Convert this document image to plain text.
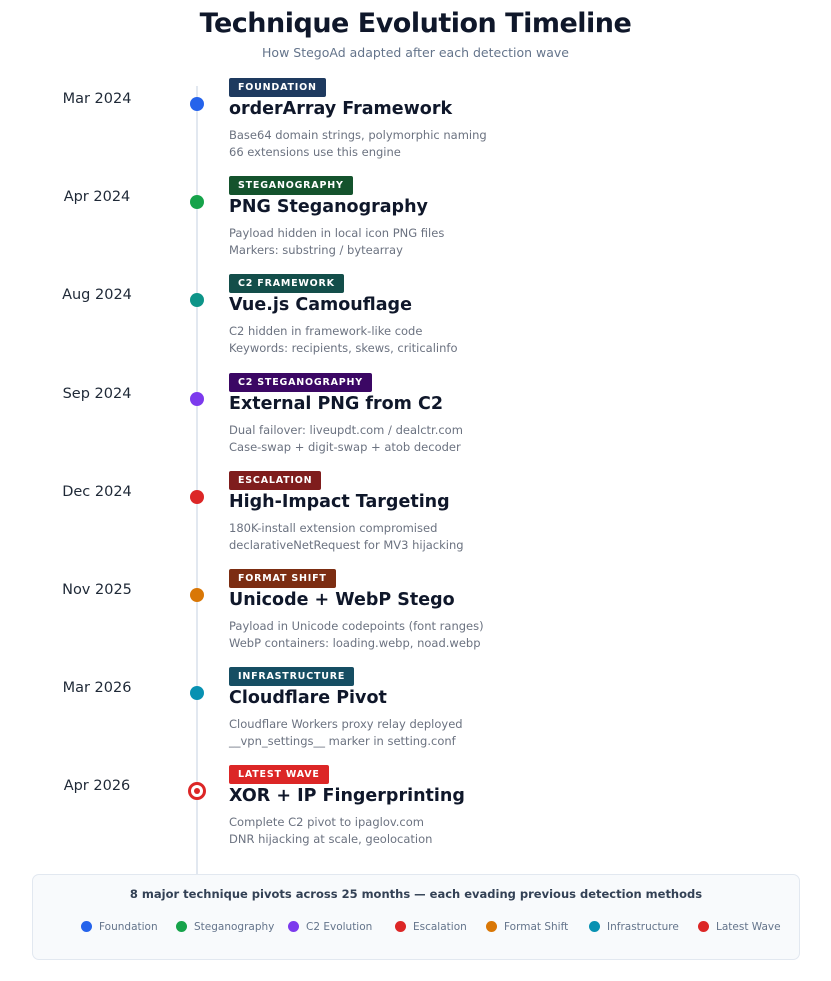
Technique Evolution Timeline
How StegoAd adapted after each detection wave
Mar 2024
FOUNDATION
orderArray Framework
Base64 domain strings, polymorphic naming
66 extensions use this engine
Apr 2024
STEGANOGRAPHY
PNG Steganography
Payload hidden in local icon PNG files
Markers: substring / bytearray
Aug 2024
C2 FRAMEWORK
Vue.js Camouflage
C2 hidden in framework-like code
Keywords: recipients, skews, criticalinfo
Sep 2024
C2 STEGANOGRAPHY
External PNG from C2
Dual failover: liveupdt.com / dealctr.com
Case-swap + digit-swap + atob decoder
Dec 2024
ESCALATION
High-Impact Targeting
180K-install extension compromised
declarativeNetRequest for MV3 hijacking
Nov 2025
FORMAT SHIFT
Unicode + WebP Stego
Payload in Unicode codepoints (font ranges)
WebP containers: loading.webp, noad.webp
Mar 2026
INFRASTRUCTURE
Cloudflare Pivot
Cloudflare Workers proxy relay deployed
__vpn_settings__ marker in setting.conf
Apr 2026
LATEST WAVE
XOR + IP Fingerprinting
Complete C2 pivot to ipaglov.com
DNR hijacking at scale, geolocation
8 major technique pivots across 25 months — each evading previous detection methods
Foundation	Steganography	C2 Evolution	Escalation	Format Shift	Infrastructure	Latest Wave
